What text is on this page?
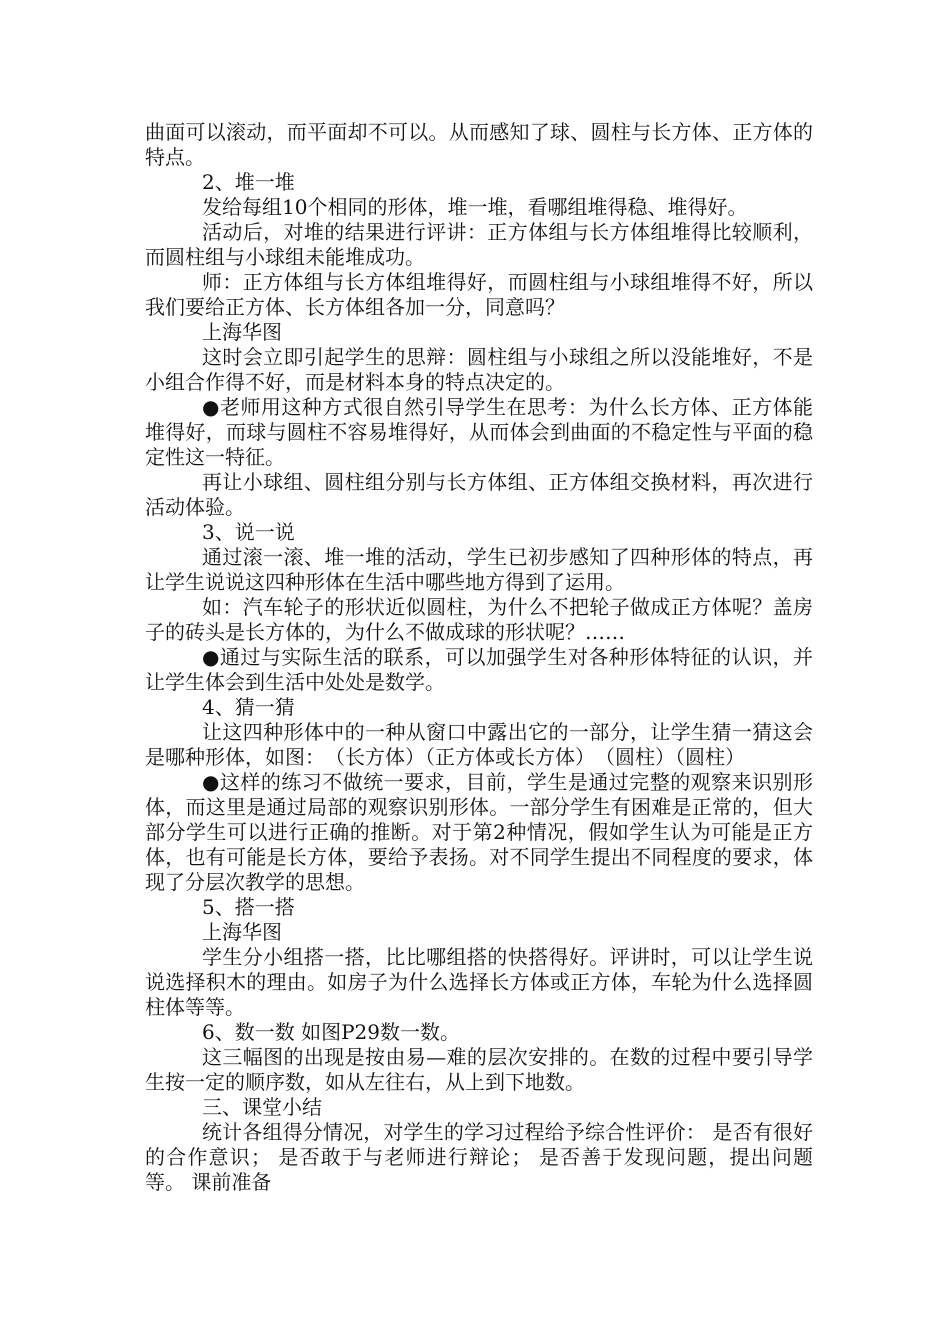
曲面可以滚动，而平面却不可以。从而感知了球、圆柱与长方体、正方体的特点。

2、堆一堆

发给每组10个相同的形体，堆一堆，看哪组堆得稳、堆得好。

活动后，对堆的结果进行评讲：正方体组与长方体组堆得比较顺利，而圆柱组与小球组未能堆成功。

师：正方体组与长方体组堆得好，而圆柱组与小球组堆得不好，所以我们要给正方体、长方体组各加一分，同意吗？

上海华图

这时会立即引起学生的思辩：圆柱组与小球组之所以没能堆好，不是小组合作得不好，而是材料本身的特点决定的。

●老师用这种方式很自然引导学生在思考：为什么长方体、正方体能堆得好，而球与圆柱不容易堆得好，从而体会到曲面的不稳定性与平面的稳定性这一特征。

再让小球组、圆柱组分别与长方体组、正方体组交换材料，再次进行活动体验。

3、说一说

通过滚一滚、堆一堆的活动，学生已初步感知了四种形体的特点，再让学生说说这四种形体在生活中哪些地方得到了运用。

如：汽车轮子的形状近似圆柱，为什么不把轮子做成正方体呢？盖房子的砖头是长方体的，为什么不做成球的形状呢？……

●通过与实际生活的联系，可以加强学生对各种形体特征的认识，并让学生体会到生活中处处是数学。

4、猜一猜

让这四种形体中的一种从窗口中露出它的一部分，让学生猜一猜这会是哪种形体，如图：　（长方体）（正方体或长方体）　（圆柱）（圆柱）

●这样的练习不做统一要求，目前，学生是通过完整的观察来识别形体，而这里是通过局部的观察识别形体。一部分学生有困难是正常的，但大部分学生可以进行正确的推断。对于第2种情况，假如学生认为可能是正方体，也有可能是长方体，要给予表扬。对不同学生提出不同程度的要求，体现了分层次教学的思想。

5、搭一搭

上海华图

学生分小组搭一搭，比比哪组搭的快搭得好。评讲时，可以让学生说说选择积木的理由。如房子为什么选择长方体或正方体，车轮为什么选择圆柱体等等。

6、数一数 如图P29数一数。

这三幅图的出现是按由易—难的层次安排的。在数的过程中要引导学生按一定的顺序数，如从左往右，从上到下地数。

三、课堂小结

统计各组得分情况，对学生的学习过程给予综合性评价： 是否有很好的合作意识； 是否敢于与老师进行辩论； 是否善于发现问题，提出问题等。 课前准备
